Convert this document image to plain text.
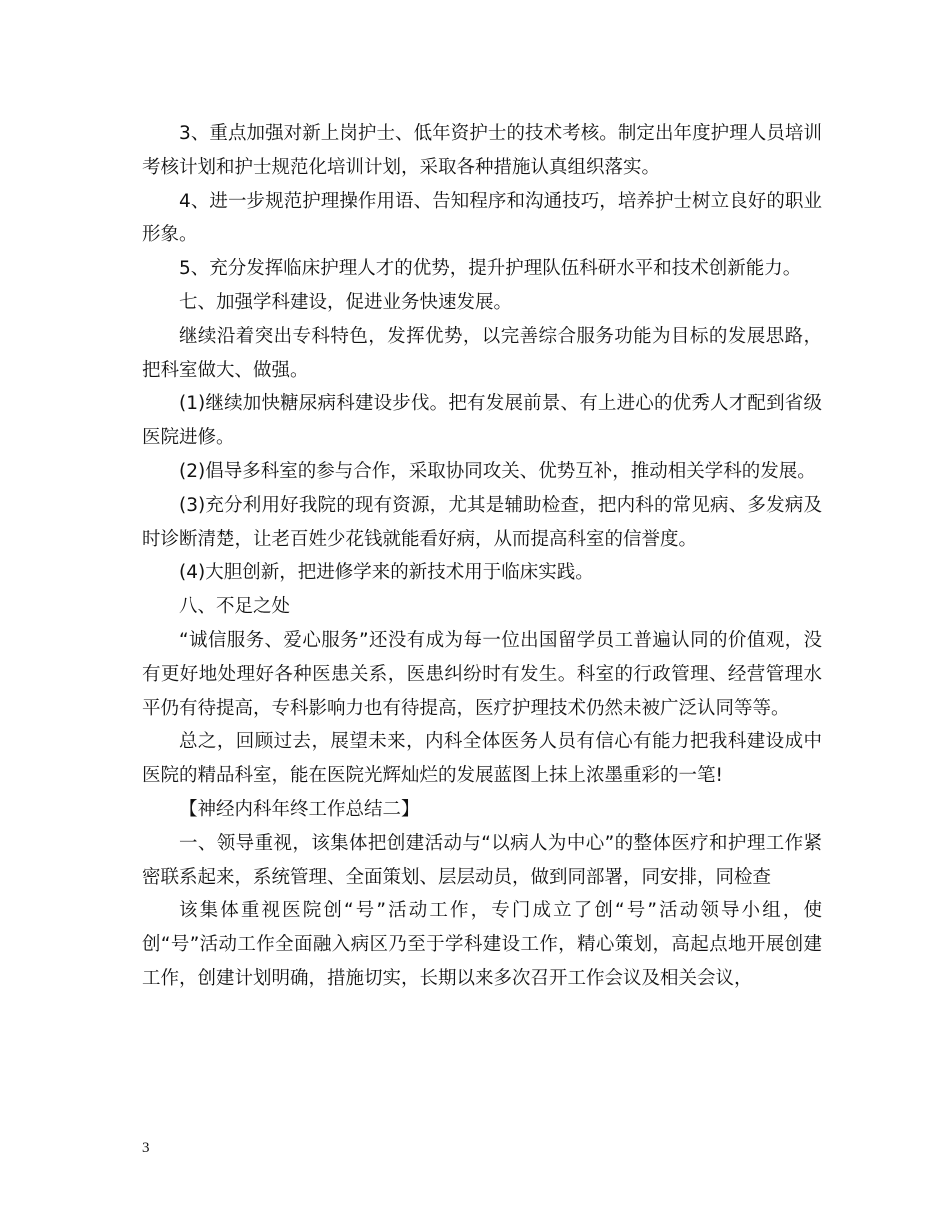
3、重点加强对新上岗护士、低年资护士的技术考核。制定出年度护理人员培训考核计划和护士规范化培训计划，采取各种措施认真组织落实。

4、进一步规范护理操作用语、告知程序和沟通技巧，培养护士树立良好的职业形象。

5、充分发挥临床护理人才的优势，提升护理队伍科研水平和技术创新能力。

七、加强学科建设，促进业务快速发展。

继续沿着突出专科特色，发挥优势，以完善综合服务功能为目标的发展思路，把科室做大、做强。

(1)继续加快糖尿病科建设步伐。把有发展前景、有上进心的优秀人才配到省级医院进修。

(2)倡导多科室的参与合作，采取协同攻关、优势互补，推动相关学科的发展。

(3)充分利用好我院的现有资源，尤其是辅助检查，把内科的常见病、多发病及时诊断清楚，让老百姓少花钱就能看好病，从而提高科室的信誉度。

(4)大胆创新，把进修学来的新技术用于临床实践。

八、不足之处

“诚信服务、爱心服务”还没有成为每一位出国留学员工普遍认同的价值观，没有更好地处理好各种医患关系，医患纠纷时有发生。科室的行政管理、经营管理水平仍有待提高，专科影响力也有待提高，医疗护理技术仍然未被广泛认同等等。

总之，回顾过去，展望未来，内科全体医务人员有信心有能力把我科建设成中医院的精品科室，能在医院光辉灿烂的发展蓝图上抹上浓墨重彩的一笔!

【神经内科年终工作总结二】

一、领导重视，该集体把创建活动与“以病人为中心”的整体医疗和护理工作紧密联系起来，系统管理、全面策划、层层动员，做到同部署，同安排，同检查

该集体重视医院创“号”活动工作，专门成立了创“号”活动领导小组，使创“号”活动工作全面融入病区乃至于学科建设工作，精心策划，高起点地开展创建工作，创建计划明确，措施切实，长期以来多次召开工作会议及相关会议，

3
